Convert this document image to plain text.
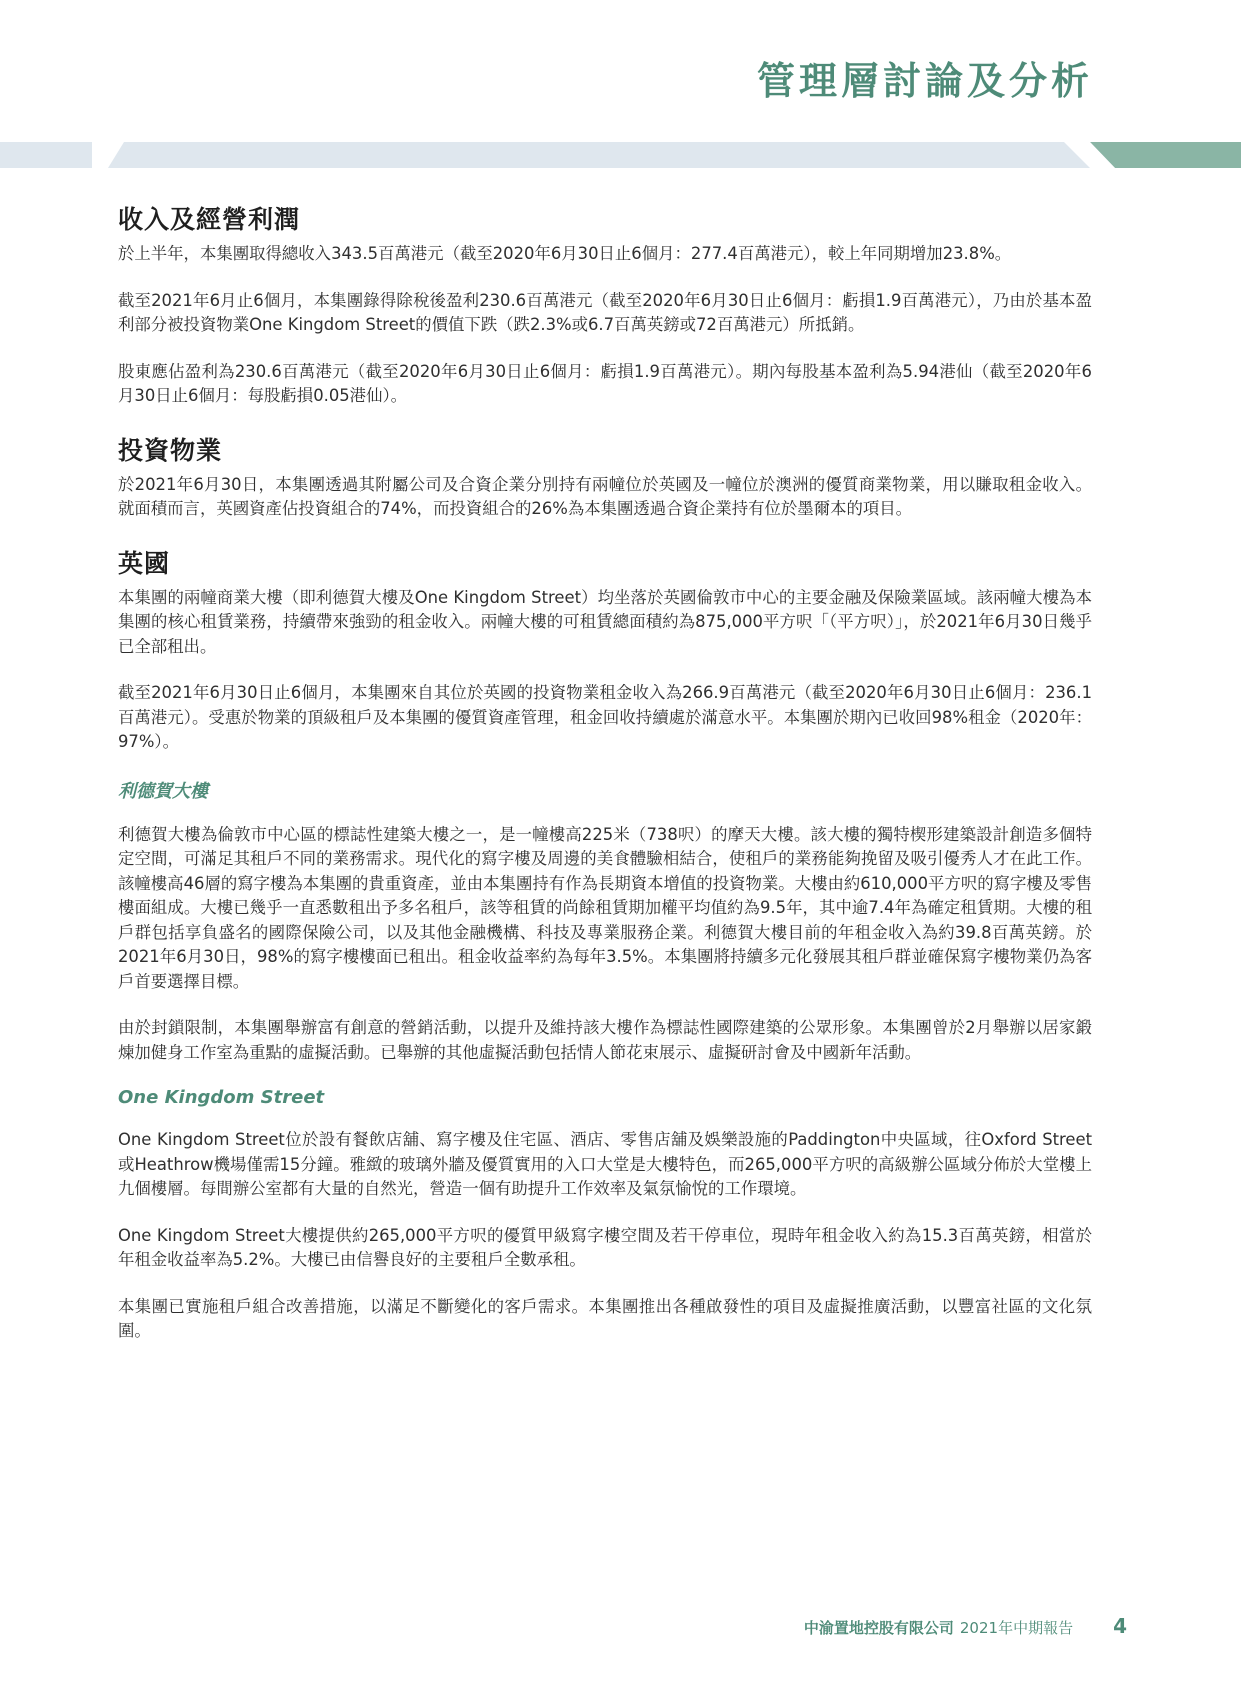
管理層討論及分析
收入及經營利潤

於上半年，本集團取得總收入343.5百萬港元（截至2020年6月30日止6個月：277.4百萬港元），較上年同期增加23.8%。

截至2021年6月止6個月，本集團錄得除稅後盈利230.6百萬港元（截至2020年6月30日止6個月：虧損1.9百萬港元），乃由於基本盈利部分被投資物業One Kingdom Street的價值下跌（跌2.3%或6.7百萬英鎊或72百萬港元）所抵銷。

股東應佔盈利為230.6百萬港元（截至2020年6月30日止6個月：虧損1.9百萬港元）。期內每股基本盈利為5.94港仙（截至2020年6月30日止6個月：每股虧損0.05港仙）。

投資物業

於2021年6月30日，本集團透過其附屬公司及合資企業分別持有兩幢位於英國及一幢位於澳洲的優質商業物業，用以賺取租金收入。就面積而言，英國資產佔投資組合的74%，而投資組合的26%為本集團透過合資企業持有位於墨爾本的項目。

英國

本集團的兩幢商業大樓（即利德賀大樓及One Kingdom Street）均坐落於英國倫敦市中心的主要金融及保險業區域。該兩幢大樓為本集團的核心租賃業務，持續帶來強勁的租金收入。兩幢大樓的可租賃總面積約為875,000平方呎「（平方呎）」，於2021年6月30日幾乎已全部租出。

截至2021年6月30日止6個月，本集團來自其位於英國的投資物業租金收入為266.9百萬港元（截至2020年6月30日止6個月：236.1百萬港元）。受惠於物業的頂級租戶及本集團的優質資產管理，租金回收持續處於滿意水平。本集團於期內已收回98%租金（2020年：97%）。

利德賀大樓

利德賀大樓為倫敦市中心區的標誌性建築大樓之一，是一幢樓高225米（738呎）的摩天大樓。該大樓的獨特楔形建築設計創造多個特定空間，可滿足其租戶不同的業務需求。現代化的寫字樓及周邊的美食體驗相結合，使租戶的業務能夠挽留及吸引優秀人才在此工作。該幢樓高46層的寫字樓為本集團的貴重資產，並由本集團持有作為長期資本增值的投資物業。大樓由約610,000平方呎的寫字樓及零售樓面組成。大樓已幾乎一直悉數租出予多名租戶，該等租賃的尚餘租賃期加權平均值約為9.5年，其中逾7.4年為確定租賃期。大樓的租戶群包括享負盛名的國際保險公司，以及其他金融機構、科技及專業服務企業。利德賀大樓目前的年租金收入為約39.8百萬英鎊。於2021年6月30日，98%的寫字樓樓面已租出。租金收益率約為每年3.5%。本集團將持續多元化發展其租戶群並確保寫字樓物業仍為客戶首要選擇目標。

由於封鎖限制，本集團舉辦富有創意的營銷活動，以提升及維持該大樓作為標誌性國際建築的公眾形象。本集團曾於2月舉辦以居家鍛煉加健身工作室為重點的虛擬活動。已舉辦的其他虛擬活動包括情人節花束展示、虛擬研討會及中國新年活動。

One Kingdom Street

One Kingdom Street位於設有餐飲店舖、寫字樓及住宅區、酒店、零售店舖及娛樂設施的Paddington中央區域，往Oxford Street或Heathrow機場僅需15分鐘。雅緻的玻璃外牆及優質實用的入口大堂是大樓特色，而265,000平方呎的高級辦公區域分佈於大堂樓上九個樓層。每間辦公室都有大量的自然光，營造一個有助提升工作效率及氣氛愉悅的工作環境。

One Kingdom Street大樓提供約265,000平方呎的優質甲級寫字樓空間及若干停車位，現時年租金收入約為15.3百萬英鎊，相當於年租金收益率為5.2%。大樓已由信譽良好的主要租戶全數承租。

本集團已實施租戶組合改善措施，以滿足不斷變化的客戶需求。本集團推出各種啟發性的項目及虛擬推廣活動，以豐富社區的文化氛圍。

中渝置地控股有限公司 2021年中期報告 4
